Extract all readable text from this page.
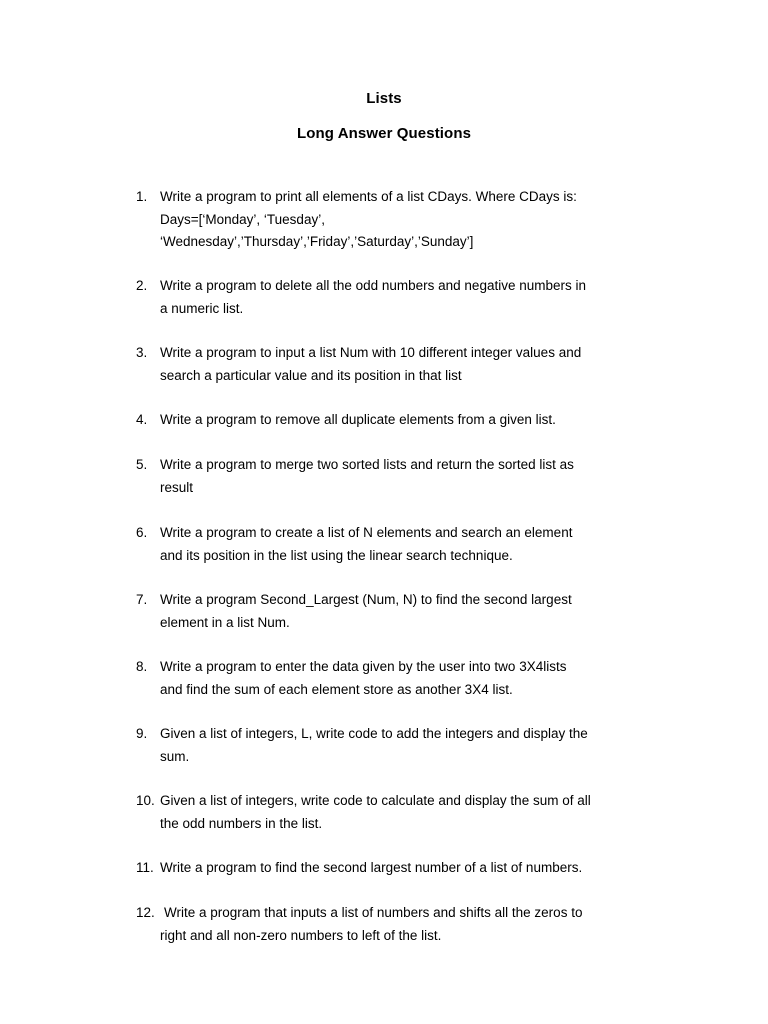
Lists
Long Answer Questions
1. Write a program to print all elements of a list CDays. Where CDays is:
Days=[‘Monday’, ‘Tuesday’,
‘Wednesday’,’Thursday’,’Friday’,’Saturday’,’Sunday’]
2. Write a program to delete all the odd numbers and negative numbers in
a numeric list.
3. Write a program to input a list Num with 10 different integer values and
search a particular value and its position in that list
4. Write a program to remove all duplicate elements from a given list.
5. Write a program to merge two sorted lists and return the sorted list as
result
6. Write a program to create a list of N elements and search an element
and its position in the list using the linear search technique.
7. Write a program Second_Largest (Num, N) to find the second largest
element in a list Num.
8. Write a program to enter the data given by the user into two 3X4lists
and find the sum of each element store as another 3X4 list.
9. Given a list of integers, L, write code to add the integers and display the
sum.
10. Given a list of integers, write code to calculate and display the sum of all
the odd numbers in the list.
11. Write a program to find the second largest number of a list of numbers.
12. Write a program that inputs a list of numbers and shifts all the zeros to
right and all non-zero numbers to left of the list.
